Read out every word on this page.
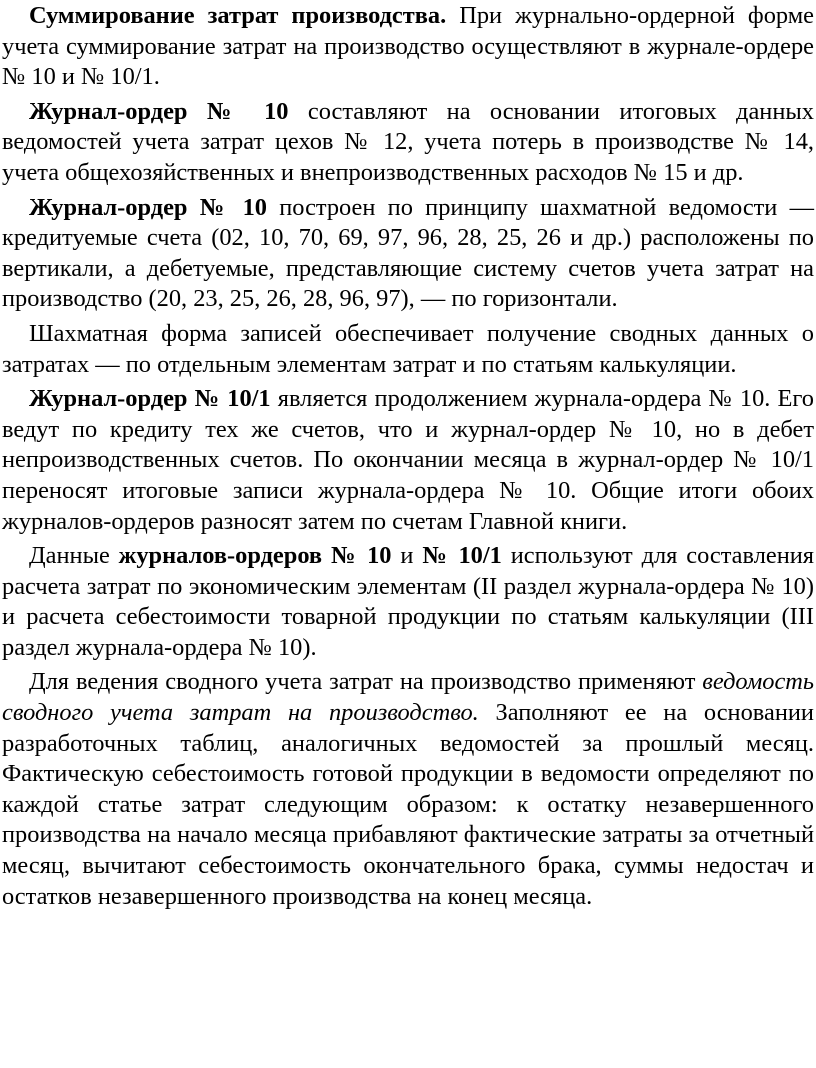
Суммирование затрат производства. При журнально-ордерной форме учета суммирование затрат на производство осуществляют в журнале-ордере № 10 и № 10/1.

Журнал-ордер № 10 составляют на основании итоговых данных ведомостей учета затрат цехов № 12, учета потерь в производстве № 14, учета общехозяйственных и внепроизводственных расходов № 15 и др.

Журнал-ордер № 10 построен по принципу шахматной ведомости — кредитуемые счета (02, 10, 70, 69, 97, 96, 28, 25, 26 и др.) расположены по вертикали, а дебетуемые, представляющие систему счетов учета затрат на производство (20, 23, 25, 26, 28, 96, 97), — по горизонтали.

Шахматная форма записей обеспечивает получение сводных данных о затратах — по отдельным элементам затрат и по статьям калькуляции.

Журнал-ордер № 10/1 является продолжением журнала-ордера № 10. Его ведут по кредиту тех же счетов, что и журнал-ордер № 10, но в дебет непроизводственных счетов. По окончании месяца в журнал-ордер № 10/1 переносят итоговые записи журнала-ордера № 10. Общие итоги обоих журналов-ордеров разносят затем по счетам Главной книги.

Данные журналов-ордеров № 10 и № 10/1 используют для составления расчета затрат по экономическим элементам (II раздел журнала-ордера № 10) и расчета себестоимости товарной продукции по статьям калькуляции (III раздел журнала-ордера № 10).

Для ведения сводного учета затрат на производство применяют ведомость сводного учета затрат на производство. Заполняют ее на основании разработочных таблиц, аналогичных ведомостей за прошлый месяц. Фактическую себестоимость готовой продукции в ведомости определяют по каждой статье затрат следующим образом: к остатку незавершенного производства на начало месяца прибавляют фактические затраты за отчетный месяц, вычитают себестоимость окончательного брака, суммы недостач и остатков незавершенного производства на конец месяца.
